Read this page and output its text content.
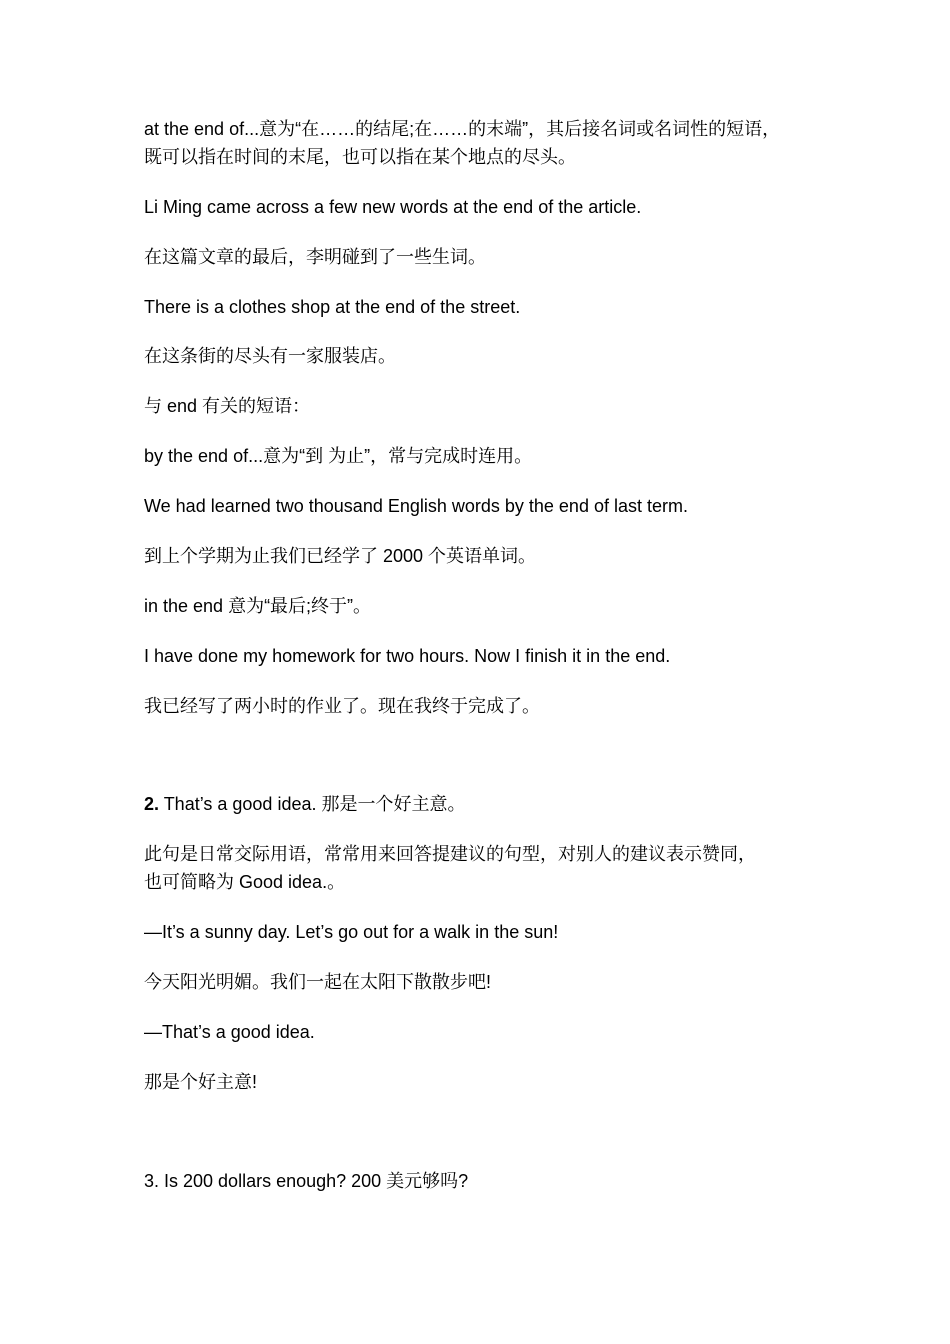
at the end of...意为“在……的结尾;在……的末端”，其后接名词或名词性的短语，
既可以指在时间的末尾，也可以指在某个地点的尽头。
Li Ming came across a few new words at the end of the article.
在这篇文章的最后，李明碰到了一些生词。
There is a clothes shop at the end of the street.
在这条街的尽头有一家服装店。
与 end 有关的短语：
by the end of...意为“到 为止”，常与完成时连用。
We had learned two thousand English words by the end of last term.
到上个学期为止我们已经学了 2000 个英语单词。
in the end 意为“最后;终于”。
I have done my homework for two hours. Now I finish it in the end.
我已经写了两小时的作业了。现在我终于完成了。
2. That’s a good idea. 那是一个好主意。
此句是日常交际用语，常常用来回答提建议的句型，对别人的建议表示赞同，
也可简略为 Good idea.。
—It’s a sunny day. Let’s go out for a walk in the sun!
今天阳光明媚。我们一起在太阳下散散步吧!
—That’s a good idea.
那是个好主意!
3. Is 200 dollars enough? 200 美元够吗?
